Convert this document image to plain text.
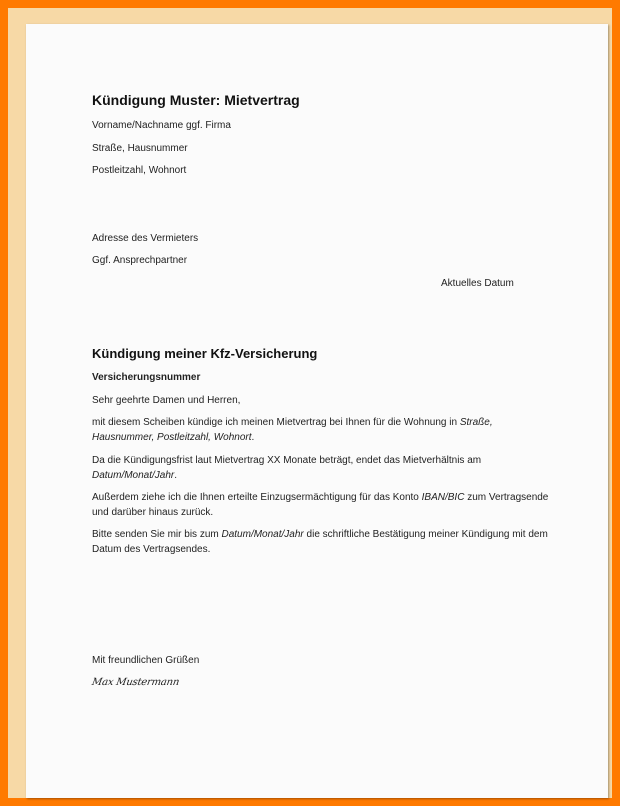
Kündigung Muster: Mietvertrag
Vorname/Nachname ggf. Firma
Straße, Hausnummer
Postleitzahl, Wohnort
Adresse des Vermieters
Ggf. Ansprechpartner
Aktuelles Datum
Kündigung meiner Kfz-Versicherung
Versicherungsnummer
Sehr geehrte Damen und Herren,
mit diesem Scheiben kündige ich meinen Mietvertrag bei Ihnen für die Wohnung in Straße, Hausnummer, Postleitzahl, Wohnort.
Da die Kündigungsfrist laut Mietvertrag XX Monate beträgt, endet das Mietverhältnis am Datum/Monat/Jahr.
Außerdem ziehe ich die Ihnen erteilte Einzugsermächtigung für das Konto IBAN/BIC zum Vertragsende und darüber hinaus zurück.
Bitte senden Sie mir bis zum Datum/Monat/Jahr die schriftliche Bestätigung meiner Kündigung mit dem Datum des Vertragsendes.
Mit freundlichen Grüßen
Max Mustermann
